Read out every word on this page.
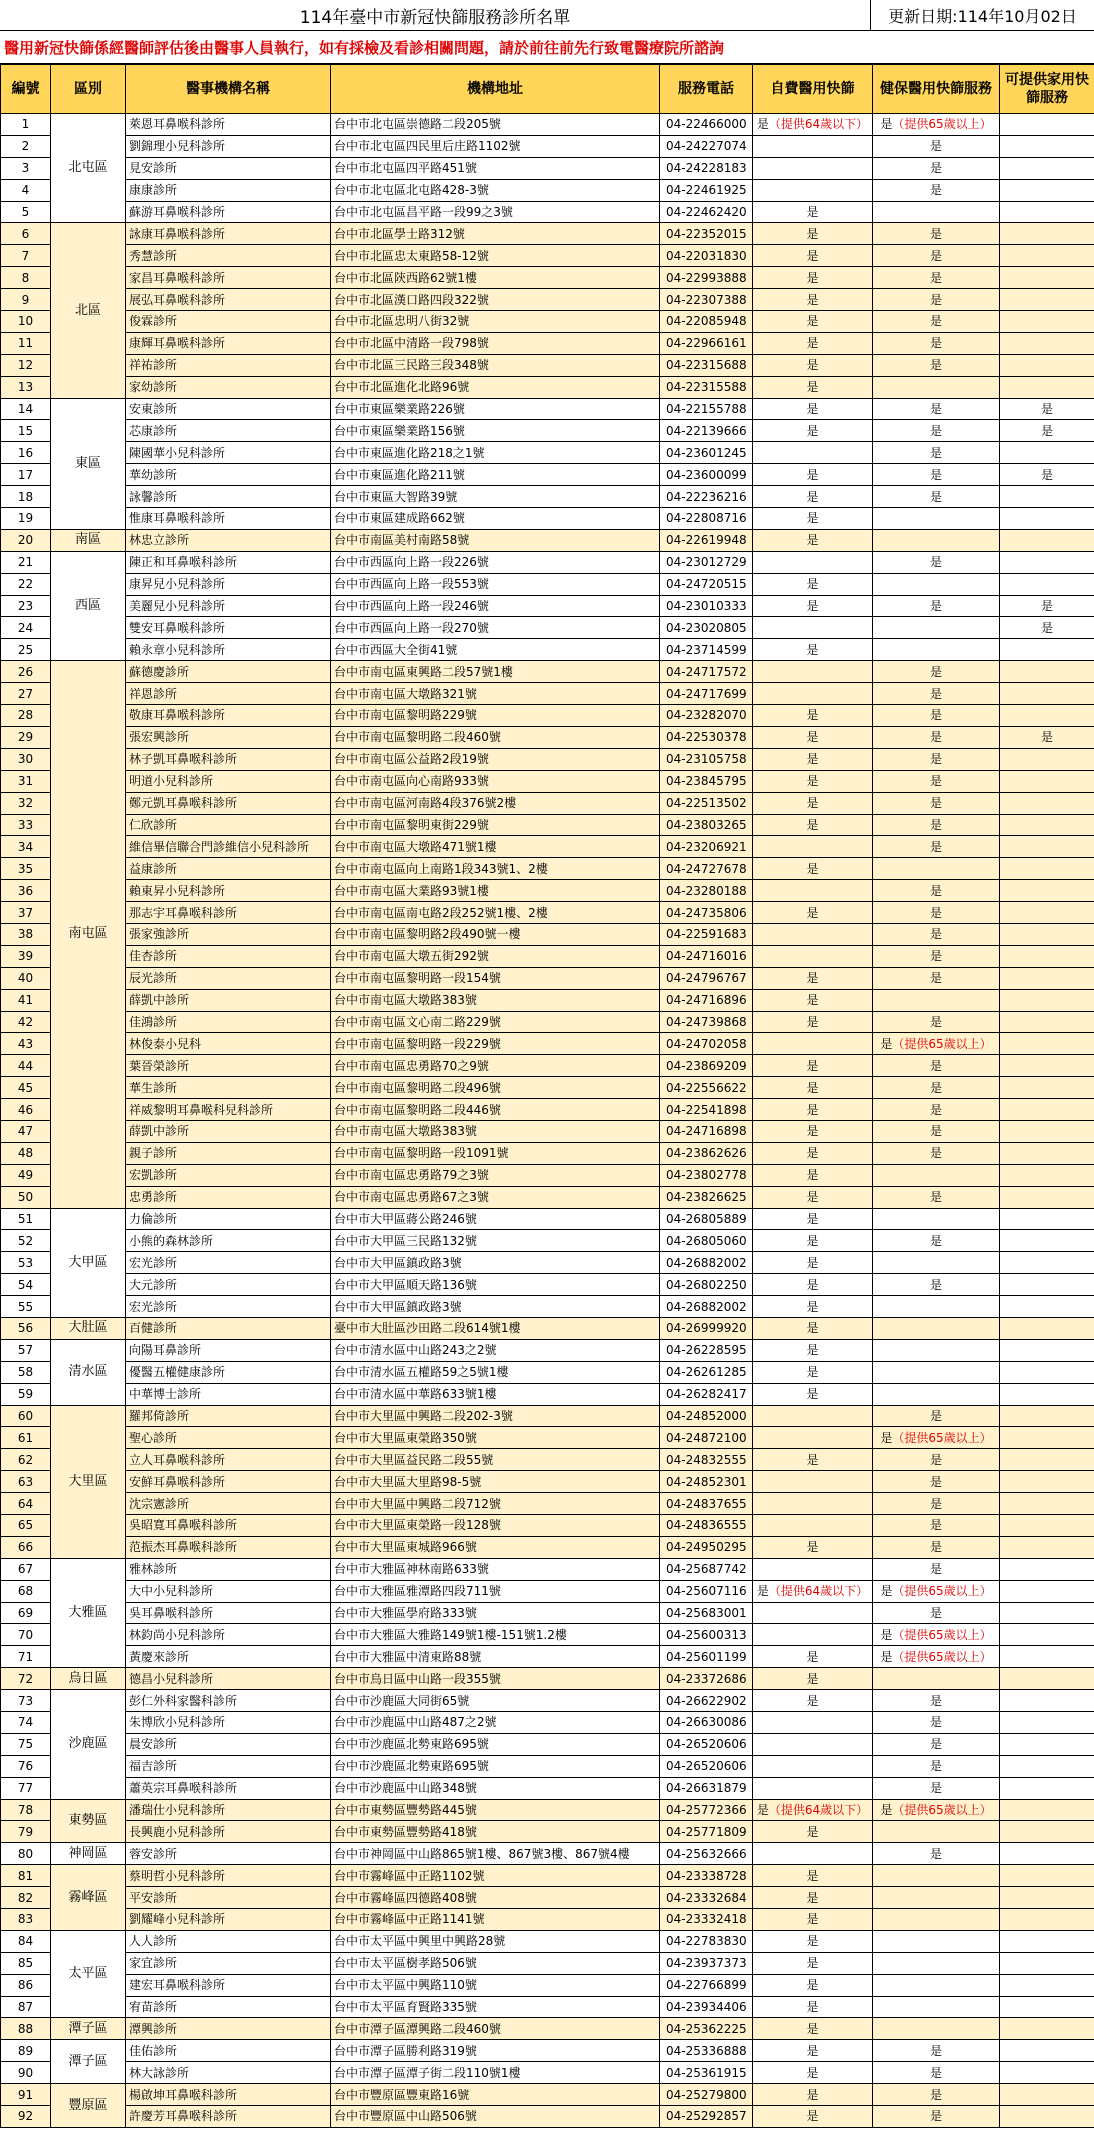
114年臺中市新冠快篩服務診所名單	更新日期:114年10月02日
醫用新冠快篩係經醫師評估後由醫事人員執行，如有採檢及看診相關問題，請於前往前先行致電醫療院所諮詢
編號	區別	醫事機構名稱	機構地址	服務電話	自費醫用快篩	健保醫用快篩服務	可提供家用快篩服務
1	北屯區	萊恩耳鼻喉科診所	台中市北屯區崇德路二段205號	04-22466000	是（提供64歲以下）	是（提供65歲以上）	
2		劉錦理小兒科診所	台中市北屯區四民里后庄路1102號	04-24227074		是	
3		見安診所	台中市北屯區四平路451號	04-24228183		是	
4		康康診所	台中市北屯區北屯路428-3號	04-22461925		是	
5		蘇游耳鼻喉科診所	台中市北屯區昌平路一段99之3號	04-22462420	是		
6	北區	詠康耳鼻喉科診所	台中市北區學士路312號	04-22352015	是	是	
7		秀慧診所	台中市北區忠太東路58-12號	04-22031830	是	是	
8		家昌耳鼻喉科診所	台中市北區陝西路62號1樓	04-22993888	是	是	
9		展弘耳鼻喉科診所	台中市北區漢口路四段322號	04-22307388	是	是	
10		俊霖診所	台中市北區忠明八街32號	04-22085948	是	是	
11		康輝耳鼻喉科診所	台中市北區中清路一段798號	04-22966161	是	是	
12		祥祐診所	台中市北區三民路三段348號	04-22315688	是	是	
13		家幼診所	台中市北區進化北路96號	04-22315588	是		
14	東區	安東診所	台中市東區樂業路226號	04-22155788	是	是	是
15		芯康診所	台中市東區樂業路156號	04-22139666	是	是	是
16		陳國華小兒科診所	台中市東區進化路218之1號	04-23601245		是	
17		華幼診所	台中市東區進化路211號	04-23600099	是	是	是
18		詠馨診所	台中市東區大智路39號	04-22236216	是	是	
19		惟康耳鼻喉科診所	台中市東區建成路662號	04-22808716	是		
20	南區	林忠立診所	台中市南區美村南路58號	04-22619948	是		
21	西區	陳正和耳鼻喉科診所	台中市西區向上路一段226號	04-23012729		是	
22		康昇兒小兒科診所	台中市西區向上路一段553號	04-24720515	是		
23		美麗兒小兒科診所	台中市西區向上路一段246號	04-23010333	是	是	是
24		雙安耳鼻喉科診所	台中市西區向上路一段270號	04-23020805			是
25		賴永章小兒科診所	台中市西區大全街41號	04-23714599	是		
26	南屯區	蘇德慶診所	台中市南屯區東興路二段57號1樓	04-24717572		是	
27		祥恩診所	台中市南屯區大墩路321號	04-24717699		是	
28		敬康耳鼻喉科診所	台中市南屯區黎明路229號	04-23282070	是	是	
29		張宏興診所	台中市南屯區黎明路二段460號	04-22530378	是	是	是
30		林子凱耳鼻喉科診所	台中市南屯區公益路2段19號	04-23105758	是	是	
31		明道小兒科診所	台中市南屯區向心南路933號	04-23845795	是	是	
32		鄭元凱耳鼻喉科診所	台中市南屯區河南路4段376號2樓	04-22513502	是	是	
33		仁欣診所	台中市南屯區黎明東街229號	04-23803265	是	是	
34		維信畢信聯合門診維信小兒科診所	台中市南屯區大墩路471號1樓	04-23206921		是	
35		益康診所	台中市南屯區向上南路1段343號1、2樓	04-24727678	是		
36		賴東昇小兒科診所	台中市南屯區大業路93號1樓	04-23280188		是	
37		那志宇耳鼻喉科診所	台中市南屯區南屯路2段252號1樓、2樓	04-24735806	是	是	
38		張家強診所	台中市南屯區黎明路2段490號一樓	04-22591683		是	
39		佳杏診所	台中市南屯區大墩五街292號	04-24716016		是	
40		辰光診所	台中市南屯區黎明路一段154號	04-24796767	是	是	
41		薛凱中診所	台中市南屯區大墩路383號	04-24716896	是		
42		佳鴻診所	台中市南屯區文心南二路229號	04-24739868	是	是	
43		林俊泰小兒科	台中市南屯區黎明路一段229號	04-24702058		是（提供65歲以上）	
44		葉晉榮診所	台中市南屯區忠勇路70之9號	04-23869209	是	是	
45		華生診所	台中市南屯區黎明路二段496號	04-22556622	是	是	
46		祥威黎明耳鼻喉科兒科診所	台中市南屯區黎明路二段446號	04-22541898	是	是	
47		薛凱中診所	台中市南屯區大墩路383號	04-24716898	是	是	
48		親子診所	台中市南屯區黎明路一段1091號	04-23862626	是	是	
49		宏凱診所	台中市南屯區忠勇路79之3號	04-23802778	是		
50		忠勇診所	台中市南屯區忠勇路67之3號	04-23826625	是	是	
51	大甲區	力倫診所	台中市大甲區蔣公路246號	04-26805889	是		
52		小熊的森林診所	台中市大甲區三民路132號	04-26805060	是	是	
53		宏光診所	台中市大甲區鎮政路3號	04-26882002	是		
54		大元診所	台中市大甲區順天路136號	04-26802250	是	是	
55		宏光診所	台中市大甲區鎮政路3號	04-26882002	是		
56	大肚區	百健診所	臺中市大肚區沙田路二段614號1樓	04-26999920	是		
57	清水區	向陽耳鼻診所	台中市清水區中山路243之2號	04-26228595	是		
58		優醫五權健康診所	台中市清水區五權路59之5號1樓	04-26261285	是		
59		中華博士診所	台中市清水區中華路633號1樓	04-26282417	是		
60	大里區	羅邦倚診所	台中市大里區中興路二段202-3號	04-24852000		是	
61		聖心診所	台中市大里區東榮路350號	04-24872100		是（提供65歲以上）	
62		立人耳鼻喉科診所	台中市大里區益民路二段55號	04-24832555	是	是	
63		安鮮耳鼻喉科診所	台中市大里區大里路98-5號	04-24852301		是	
64		沈宗憲診所	台中市大里區中興路二段712號	04-24837655		是	
65		吳昭寬耳鼻喉科診所	台中市大里區東榮路一段128號	04-24836555		是	
66		范振杰耳鼻喉科診所	台中市大里區東城路966號	04-24950295	是	是	
67	大雅區	雅林診所	台中市大雅區神林南路633號	04-25687742		是	
68		大中小兒科診所	台中市大雅區雅潭路四段711號	04-25607116	是（提供64歲以下）	是（提供65歲以上）	
69		吳耳鼻喉科診所	台中市大雅區學府路333號	04-25683001		是	
70		林鈞尚小兒科診所	台中市大雅區大雅路149號1樓-151號1.2樓	04-25600313		是（提供65歲以上）	
71		黃慶來診所	台中市大雅區中清東路88號	04-25601199	是	是（提供65歲以上）	
72	烏日區	德昌小兒科診所	台中市烏日區中山路一段355號	04-23372686	是		
73	沙鹿區	彭仁外科家醫科診所	台中市沙鹿區大同街65號	04-26622902	是	是	
74		朱博欣小兒科診所	台中市沙鹿區中山路487之2號	04-26630086		是	
75		晨安診所	台中市沙鹿區北勢東路695號	04-26520606		是	
76		福吉診所	台中市沙鹿區北勢東路695號	04-26520606		是	
77		蕭英宗耳鼻喉科診所	台中市沙鹿區中山路348號	04-26631879		是	
78	東勢區	潘瑞仕小兒科診所	台中市東勢區豐勢路445號	04-25772366	是（提供64歲以下）	是（提供65歲以上）	
79		長興鹿小兒科診所	台中市東勢區豐勢路418號	04-25771809	是		
80	神岡區	蓉安診所	台中市神岡區中山路865號1樓、867號3樓、867號4樓	04-25632666		是	
81	霧峰區	蔡明哲小兒科診所	台中市霧峰區中正路1102號	04-23338728	是		
82		平安診所	台中市霧峰區四德路408號	04-23332684	是		
83		劉耀峰小兒科診所	台中市霧峰區中正路1141號	04-23332418	是		
84	太平區	人人診所	台中市太平區中興里中興路28號	04-22783830	是		
85		家宜診所	台中市太平區樹孝路506號	04-23937373	是		
86		建宏耳鼻喉科診所	台中市太平區中興路110號	04-22766899	是		
87		宥苗診所	台中市太平區育賢路335號	04-23934406	是		
88	潭子區	潭興診所	台中市潭子區潭興路二段460號	04-25362225	是		
89	潭子區	佳佑診所	台中市潭子區勝利路319號	04-25336888	是	是	
90		林大詠診所	台中市潭子區潭子街二段110號1樓	04-25361915	是	是	
91	豐原區	楊啟坤耳鼻喉科診所	台中市豐原區豐東路16號	04-25279800	是	是	
92		許慶芳耳鼻喉科診所	台中市豐原區中山路506號	04-25292857	是	是	
